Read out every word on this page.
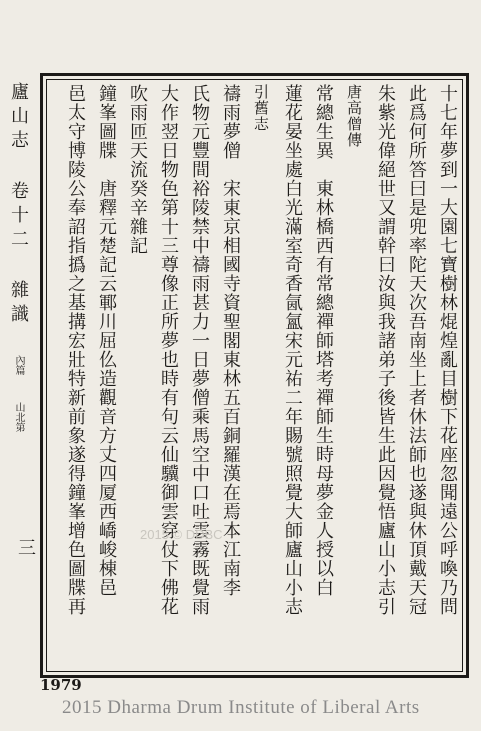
廬山志 卷十二 雜識 內篇 山北第
三	十七年夢到一大園七寶樹林焜煌亂目樹下花座忽聞遠公呼喚乃問
此爲何所答曰是兜率陀天次吾南坐上者休法師也遂與休頂戴天冠
朱紫光偉絕世又謂幹曰汝與我諸弟子後皆生此因覺悟廬山小志引
唐高僧傳
常總生異　東林橋西有常總禪師塔考禪師生時母夢金人授以白
蓮花晏坐處白光滿室奇香氤氳宋元祐二年賜號照覺大師廬山小志
引舊志
禱雨夢僧　宋東京相國寺資聖閣東林五百銅羅漢在焉本江南李
氏物元豐間裕陵禁中禱雨甚力一日夢僧乘馬空中口吐雲霧既覺雨
大作翌日物色第十三尊像正所夢也時有句云仙驥御雲穿仗下佛花
吹雨匝天流癸辛雜記
鐘峯圖牒　唐釋元楚記云鄆川屈仫造觀音方丈四厦西嶠峻棟邑
邑太守博陵公奉詔指撝之基搆宏壯特新前象遂得鐘峯增色圖牒再	2015 © DDBC
1979
2015 Dharma Drum Institute of Liberal Arts
